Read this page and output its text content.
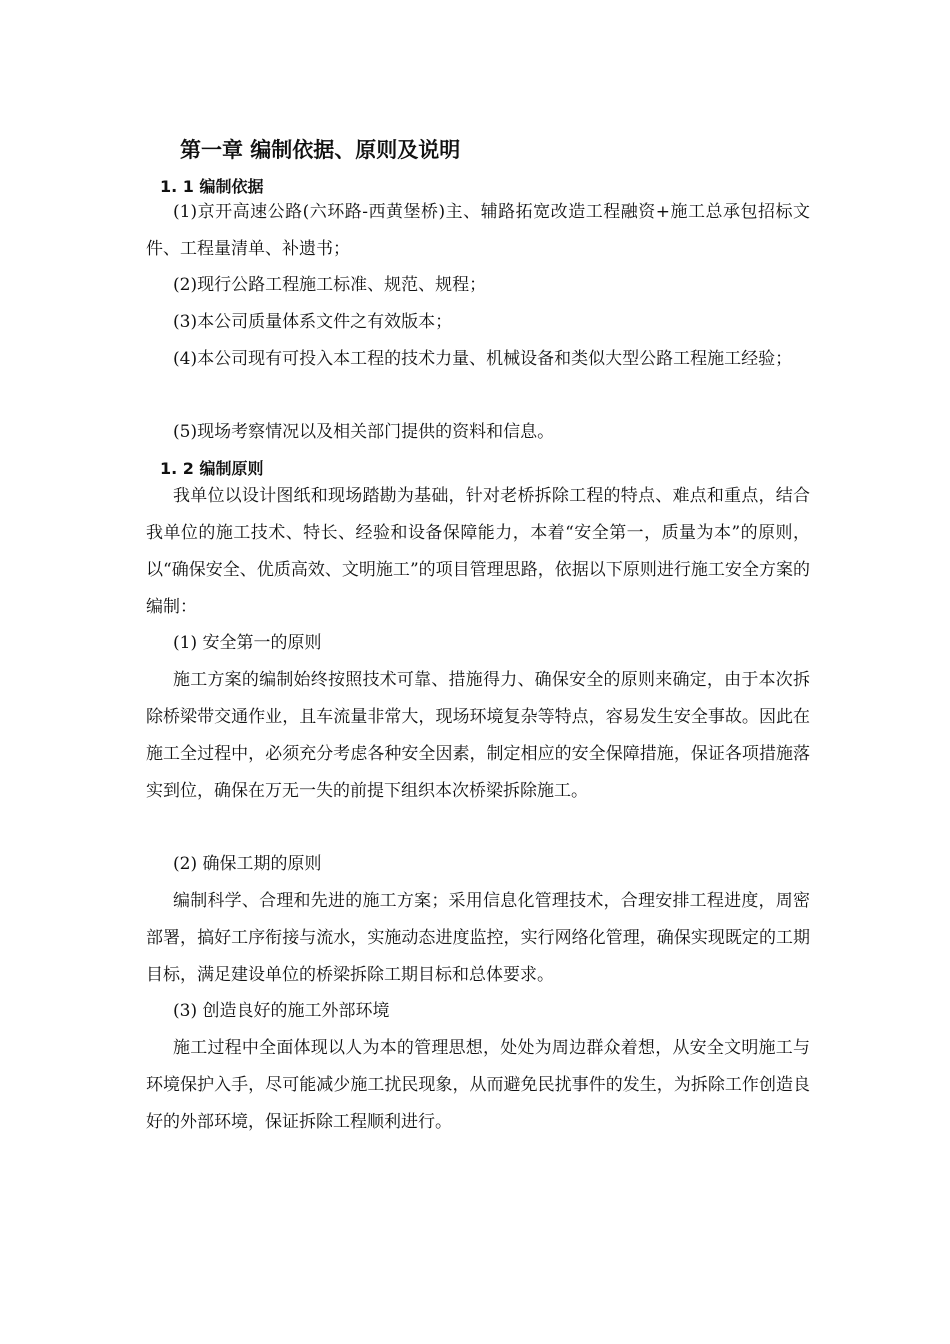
第一章 编制依据、原则及说明
1. 1 编制依据

(1)京开高速公路(六环路-西黄堡桥)主、辅路拓宽改造工程融资+施工总承包招标文件、工程量清单、补遗书；

(2)现行公路工程施工标准、规范、规程；

(3)本公司质量体系文件之有效版本；

(4)本公司现有可投入本工程的技术力量、机械设备和类似大型公路工程施工经验；

(5)现场考察情况以及相关部门提供的资料和信息。

1. 2 编制原则

我单位以设计图纸和现场踏勘为基础，针对老桥拆除工程的特点、难点和重点，结合我单位的施工技术、特长、经验和设备保障能力，本着“安全第一，质量为本”的原则，以“确保安全、优质高效、文明施工”的项目管理思路，依据以下原则进行施工安全方案的编制：

(1) 安全第一的原则

施工方案的编制始终按照技术可靠、措施得力、确保安全的原则来确定，由于本次拆除桥梁带交通作业，且车流量非常大，现场环境复杂等特点，容易发生安全事故。因此在施工全过程中，必须充分考虑各种安全因素，制定相应的安全保障措施，保证各项措施落实到位，确保在万无一失的前提下组织本次桥梁拆除施工。

(2) 确保工期的原则

编制科学、合理和先进的施工方案；采用信息化管理技术，合理安排工程进度，周密部署，搞好工序衔接与流水，实施动态进度监控，实行网络化管理，确保实现既定的工期目标，满足建设单位的桥梁拆除工期目标和总体要求。

(3) 创造良好的施工外部环境

施工过程中全面体现以人为本的管理思想，处处为周边群众着想，从安全文明施工与环境保护入手，尽可能减少施工扰民现象，从而避免民扰事件的发生，为拆除工作创造良好的外部环境，保证拆除工程顺利进行。
